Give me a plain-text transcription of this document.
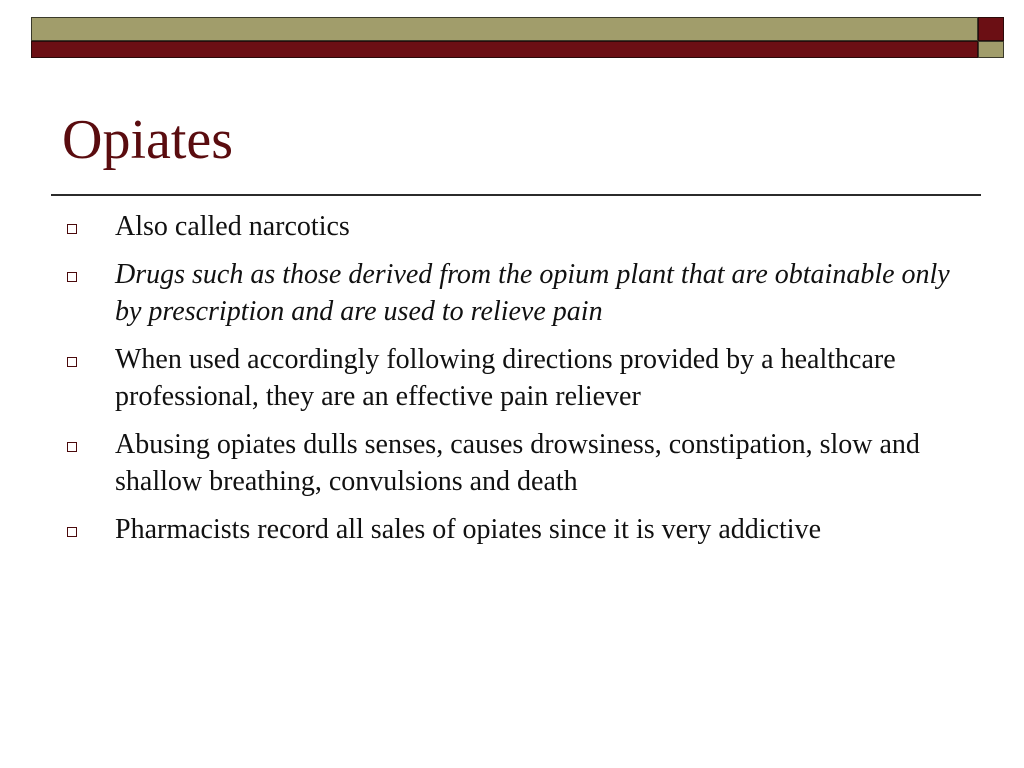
Opiates
Also called narcotics
Drugs such as those derived from the opium plant that are obtainable only by prescription and are used to relieve pain
When used accordingly following directions provided by a healthcare professional, they are an effective pain reliever
Abusing opiates dulls senses, causes drowsiness, constipation, slow and shallow breathing, convulsions and death
Pharmacists record all sales of opiates since it is very addictive
